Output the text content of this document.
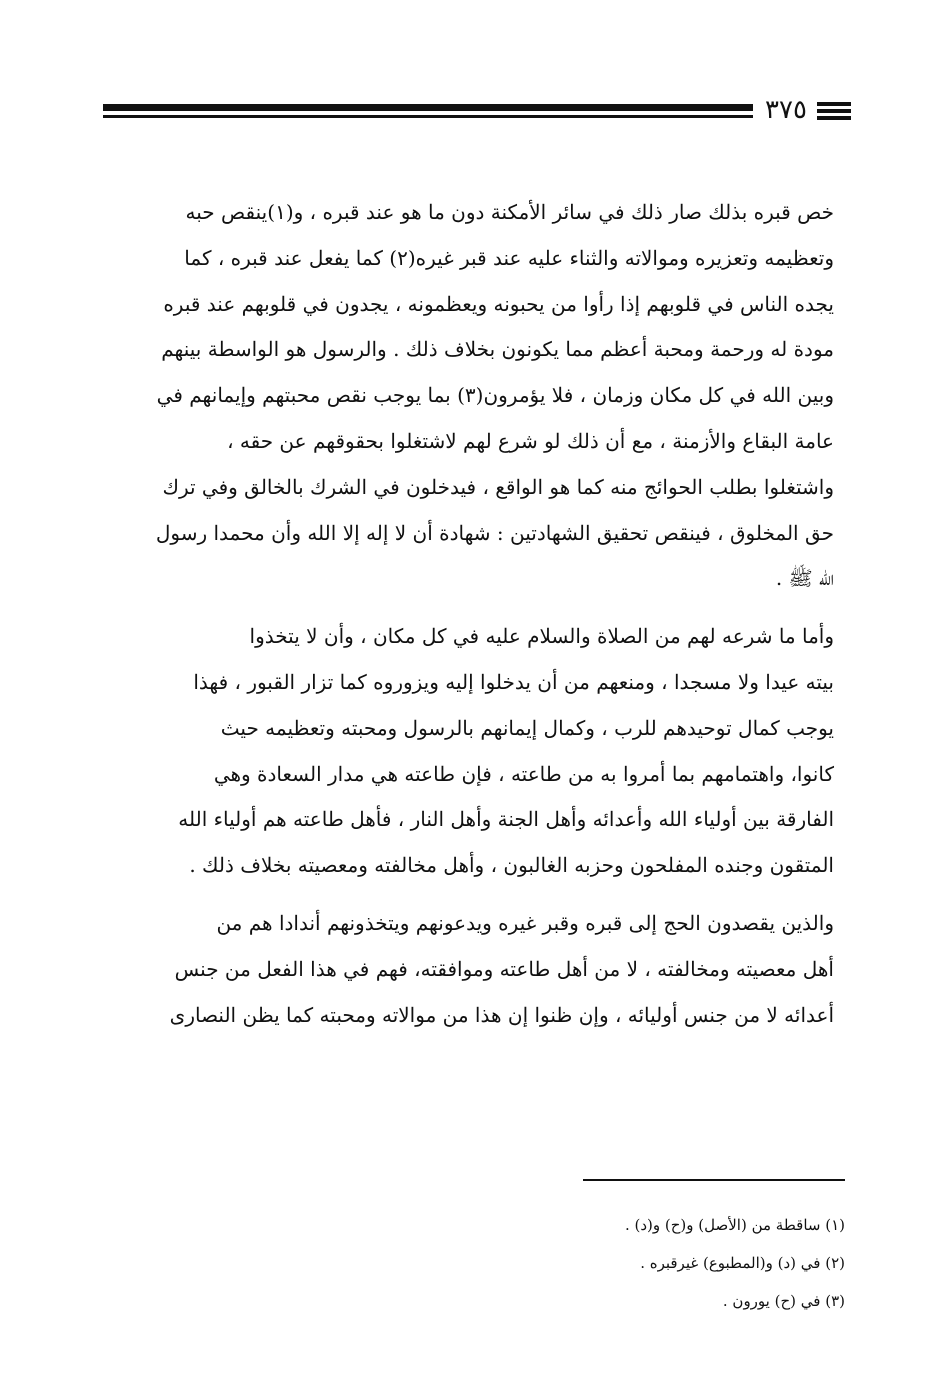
٣٧٥

خص قبره بذلك صار ذلك في سائر الأمكنة دون ما هو عند قبره ، و(١)ينقص حبه

وتعظيمه وتعزيره وموالاته والثناء عليه عند قبر غيره(٢) كما يفعل عند قبره ، كما

يجده الناس في قلوبهم إذا رأوا من يحبونه ويعظمونه ، يجدون في قلوبهم عند قبره

مودة له ورحمة ومحبة أعظم مما يكونون بخلاف ذلك . والرسول هو الواسطة بينهم

وبين الله في كل مكان وزمان ، فلا يؤمرون(٣) بما يوجب نقص محبتهم وإيمانهم في

عامة البقاع والأزمنة ، مع أن ذلك لو شرع لهم لاشتغلوا بحقوقهم عن حقه ،

واشتغلوا بطلب الحوائج منه كما هو الواقع ، فيدخلون في الشرك بالخالق وفي ترك

حق المخلوق ، فينقص تحقيق الشهادتين : شهادة أن لا إله إلا الله وأن محمدا رسول

الله ﷺ .

وأما ما شرعه لهم من الصلاة والسلام عليه في كل مكان ، وأن لا يتخذوا

بيته عيدا ولا مسجدا ، ومنعهم من أن يدخلوا إليه ويزوروه كما تزار القبور ، فهذا

يوجب كمال توحيدهم للرب ، وكمال إيمانهم بالرسول ومحبته وتعظيمه حيث

كانوا، واهتمامهم بما أمروا به من طاعته ، فإن طاعته هي مدار السعادة وهي

الفارقة بين أولياء الله وأعدائه وأهل الجنة وأهل النار ، فأهل طاعته هم أولياء الله

المتقون وجنده المفلحون وحزبه الغالبون ، وأهل مخالفته ومعصيته بخلاف ذلك .

والذين يقصدون الحج إلى قبره وقبر غيره ويدعونهم ويتخذونهم أندادا هم من

أهل معصيته ومخالفته ، لا من أهل طاعته وموافقته، فهم في هذا الفعل من جنس

أعدائه لا من جنس أوليائه ، وإن ظنوا إن هذا من موالاته ومحبته كما يظن النصارى

(١) ساقطة من (الأصل) و(ح) و(د) .

(٢) في (د) و(المطبوع) غيرقبره .

(٣) في (ح) يورون .
